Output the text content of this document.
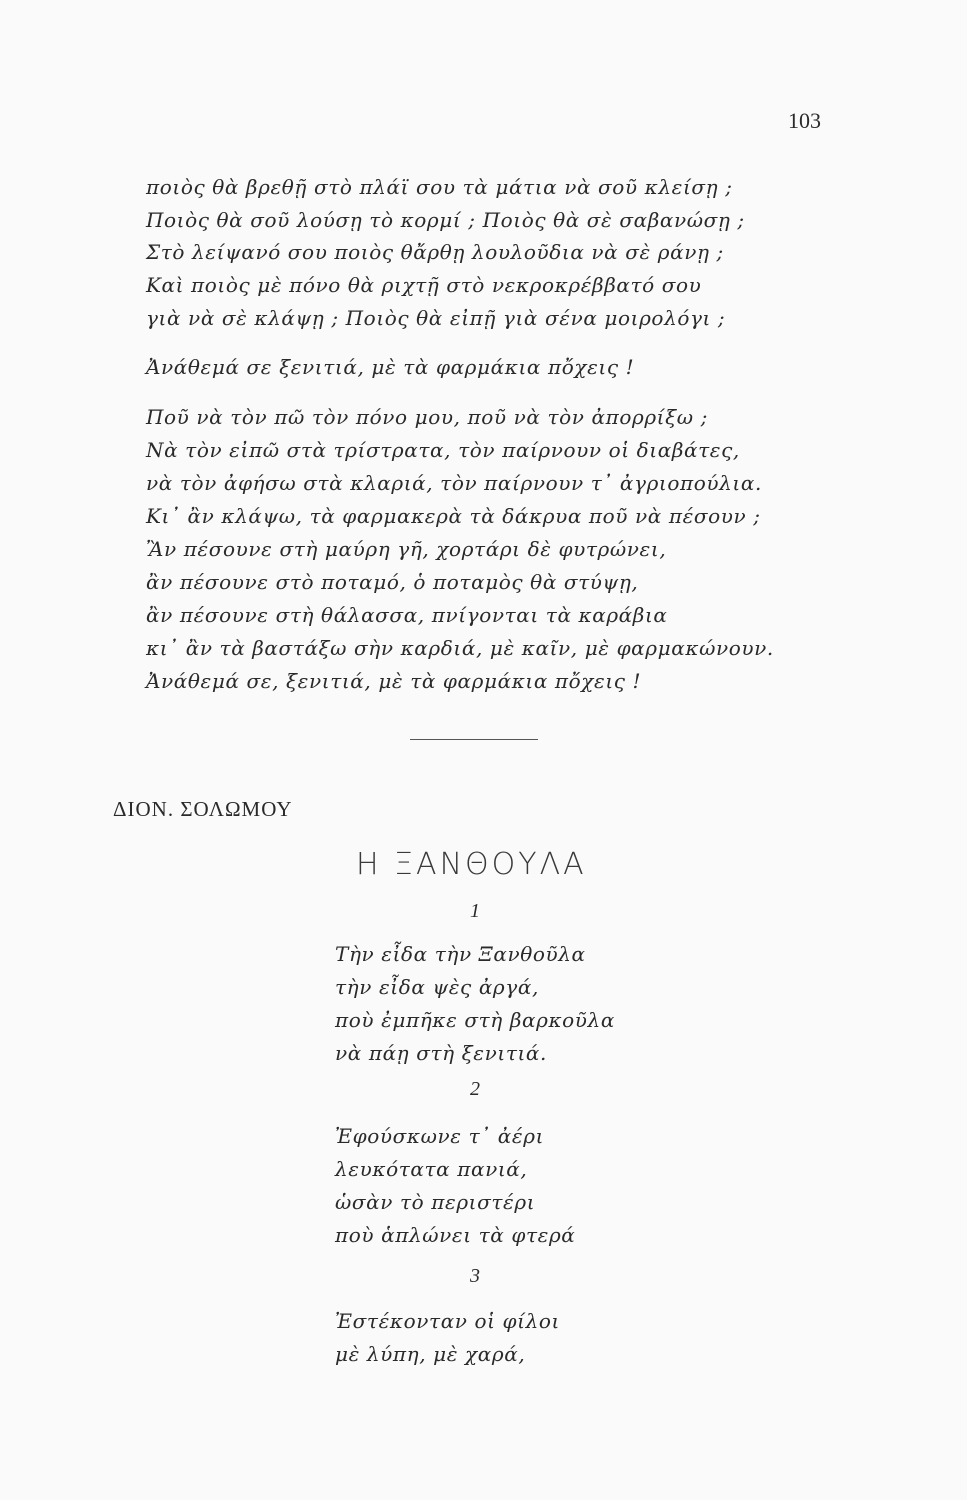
103
ποιὸς θὰ βρεθῇ στὸ πλάϊ σου τὰ μάτια νὰ σοῦ κλείσῃ ;
Ποιὸς θὰ σοῦ λούσῃ τὸ κορμί ; Ποιὸς θὰ σὲ σαβανώσῃ ;
Στὸ λείψανό σου ποιὸς θἄρθῃ λουλοῦδια νὰ σὲ ράνῃ ;
Καὶ ποιὸς μὲ πόνο θὰ ριχτῇ στὸ νεκροκρέββατό σου
γιὰ νὰ σὲ κλάψῃ ; Ποιὸς θὰ εἰπῇ γιὰ σένα μοιρολόγι ;
Ἀνάθεμά σε ξενιτιά, μὲ τὰ φαρμάκια πὄχεις !
Ποῦ νὰ τὸν πῶ τὸν πόνο μου, ποῦ νὰ τὸν ἀπορρίξω ;
Νὰ τὸν εἰπῶ στὰ τρίστρατα, τὸν παίρνουν οἱ διαβάτες,
νὰ τὸν ἀφήσω στὰ κλαριά, τὸν παίρνουν τ᾿ ἀγριοπούλια.
Κι᾿ ἂν κλάψω, τὰ φαρμακερὰ τὰ δάκρυα ποῦ νὰ πέσουν ;
Ἂν πέσουνε στὴ μαύρη γῆ, χορτάρι δὲ φυτρώνει,
ἂν πέσουνε στὸ ποταμό, ὁ ποταμὸς θὰ στύψῃ,
ἂν πέσουνε στὴ θάλασσα, πνίγονται τὰ καράβια
κι᾿ ἂν τὰ βαστάξω σὴν καρδιά, μὲ καῖν, μὲ φαρμακώνουν.
Ἀνάθεμά σε, ξενιτιά, μὲ τὰ φαρμάκια πὄχεις !
ΔΙΟΝ. ΣΟΛΩΜΟΥ
Η ΞΑΝΘΟΥΛΑ
1
Τὴν εἶδα τὴν Ξανθοῦλα
τὴν εἶδα ψὲς ἀργά,
ποὺ ἐμπῆκε στὴ βαρκοῦλα
νὰ πάῃ στὴ ξενιτιά.
2
Ἐφούσκωνε τ᾿ ἀέρι
λευκότατα πανιά,
ὡσὰν τὸ περιστέρι
ποὺ ἁπλώνει τὰ φτερά
3
Ἐστέκονταν οἱ φίλοι
μὲ λύπη, μὲ χαρά,
